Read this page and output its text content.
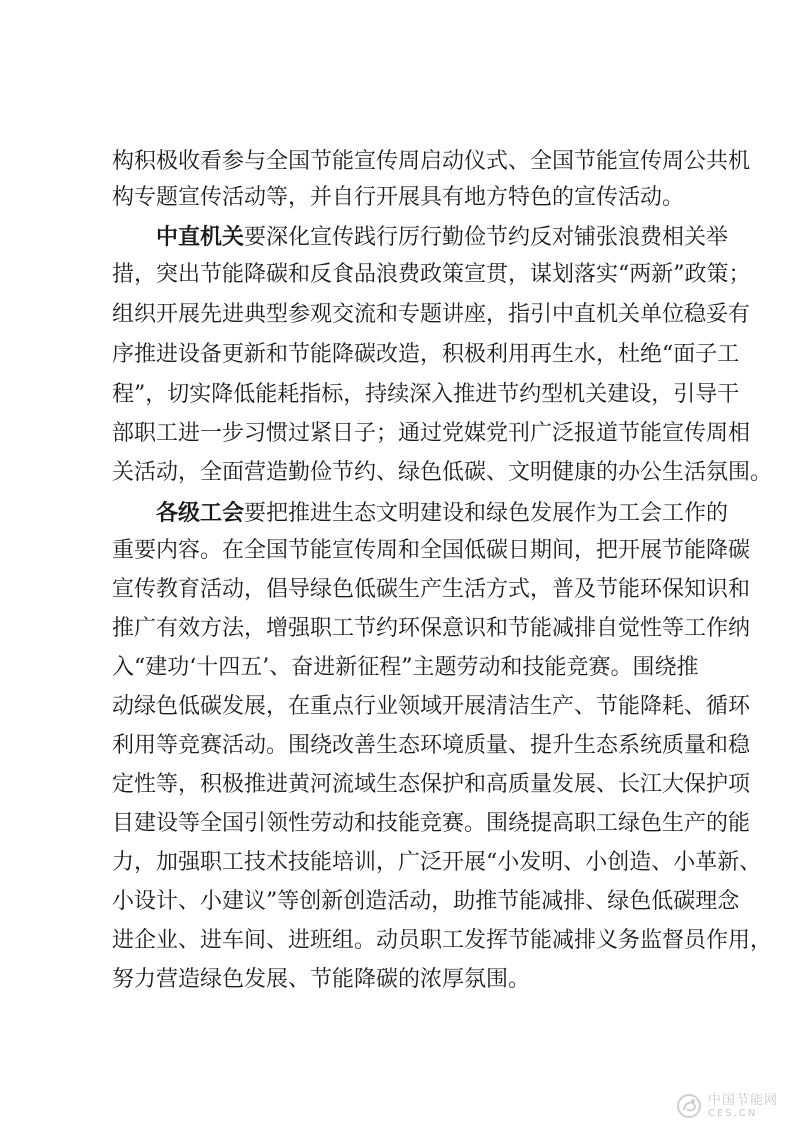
构积极收看参与全国节能宣传周启动仪式、全国节能宣传周公共机
构专题宣传活动等，并自行开展具有地方特色的宣传活动。
中直机关 要深化宣传践行厉行勤俭节约反对铺张浪费相关举
措，突出节能降碳和反食品浪费政策宣贯，谋划落实“两新”政策；
组织开展先进典型参观交流和专题讲座，指引中直机关单位稳妥有
序推进设备更新和节能降碳改造，积极利用再生水，杜绝“面子工
程”，切实降低能耗指标，持续深入推进节约型机关建设，引导干
部职工进一步习惯过紧日子；通过党媒党刊广泛报道节能宣传周相
关活动，全面营造勤俭节约、绿色低碳、文明健康的办公生活氛围。
各级工会 要把推进生态文明建设和绿色发展作为工会工作的
重要内容。在全国节能宣传周和全国低碳日期间，把开展节能降碳
宣传教育活动，倡导绿色低碳生产生活方式，普及节能环保知识和
推广有效方法，增强职工节约环保意识和节能减排自觉性等工作纳
入“建功‘十四五’、奋进新征程”主题劳动和技能竞赛。围绕推
动绿色低碳发展，在重点行业领域开展清洁生产、节能降耗、循环
利用等竞赛活动。围绕改善生态环境质量、提升生态系统质量和稳
定性等，积极推进黄河流域生态保护和高质量发展、长江大保护项
目建设等全国引领性劳动和技能竞赛。围绕提高职工绿色生产的能
力，加强职工技术技能培训，广泛开展“小发明、小创造、小革新、
小设计、小建议”等创新创造活动，助推节能减排、绿色低碳理念
进企业、进车间、进班组。动员职工发挥节能减排义务监督员作用，
努力营造绿色发展、节能降碳的浓厚氛围。
中国节能网
CES.CN
